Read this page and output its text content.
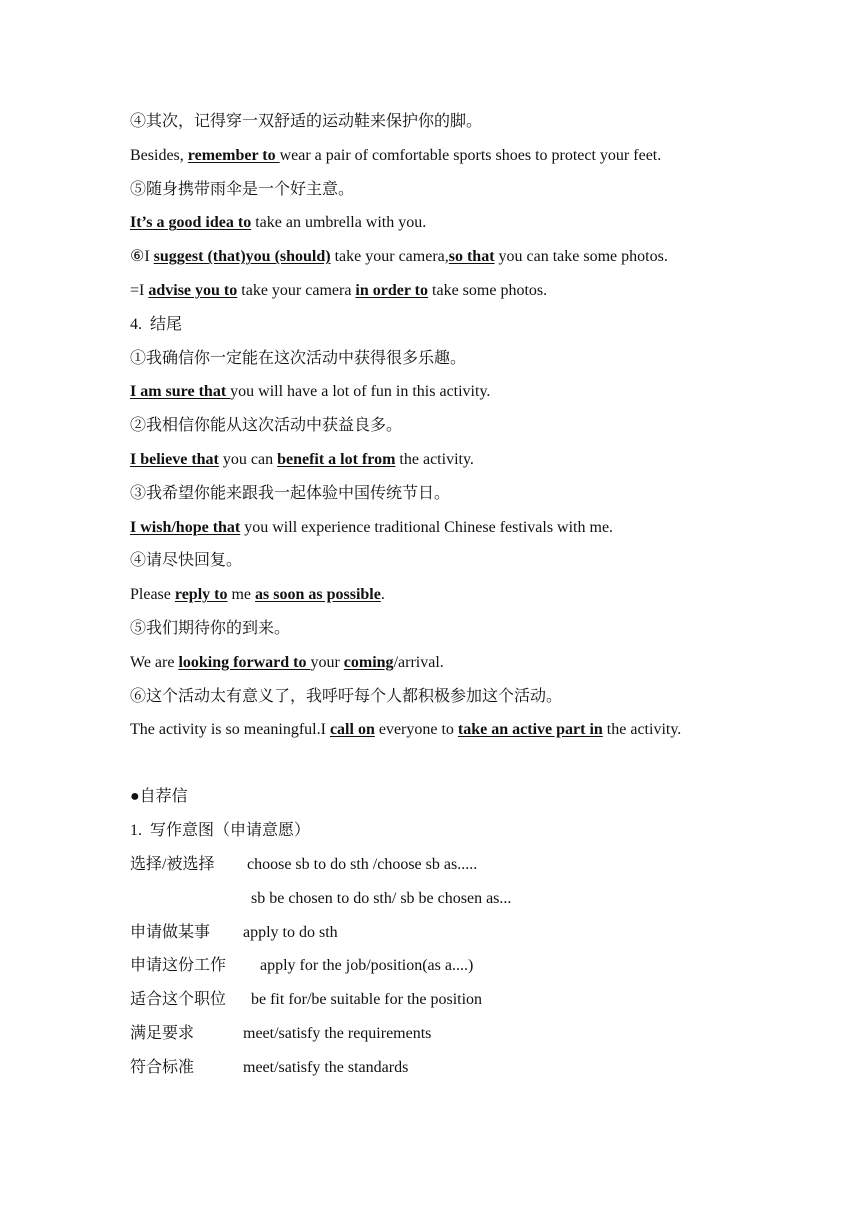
④其次，记得穿一双舒适的运动鞋来保护你的脚。
Besides, remember to wear a pair of comfortable sports shoes to protect your feet.
⑤随身携带雨伞是一个好主意。
It’s a good idea to take an umbrella with you.
⑥I suggest (that)you (should) take your camera,so that you can take some photos.
=I advise you to take your camera in order to take some photos.
4.  结尾
①我确信你一定能在这次活动中获得很多乐趣。
I am sure that you will have a lot of fun in this activity.
②我相信你能从这次活动中获益良多。
I believe that you can benefit a lot from the activity.
③我希望你能来跟我一起体验中国传统节日。
I wish/hope that you will experience traditional Chinese festivals with me.
④请尽快回复。
Please reply to me as soon as possible.
⑤我们期待你的到来。
We are looking forward to your coming/arrival.
⑥这个活动太有意义了，我呼吁每个人都积极参加这个活动。
The activity is so meaningful.I call on everyone to take an active part in the activity.
●自荐信
1.  写作意图（申请意愿）
选择/被选择 choose sb to do sth /choose sb as.....
sb be chosen to do sth/ sb be chosen as...
申请做某事 apply to do sth
申请这份工作 apply for the job/position(as a....)
适合这个职位 be fit for/be suitable for the position
满足要求	meet/satisfy the requirements
符合标准	meet/satisfy the standards
